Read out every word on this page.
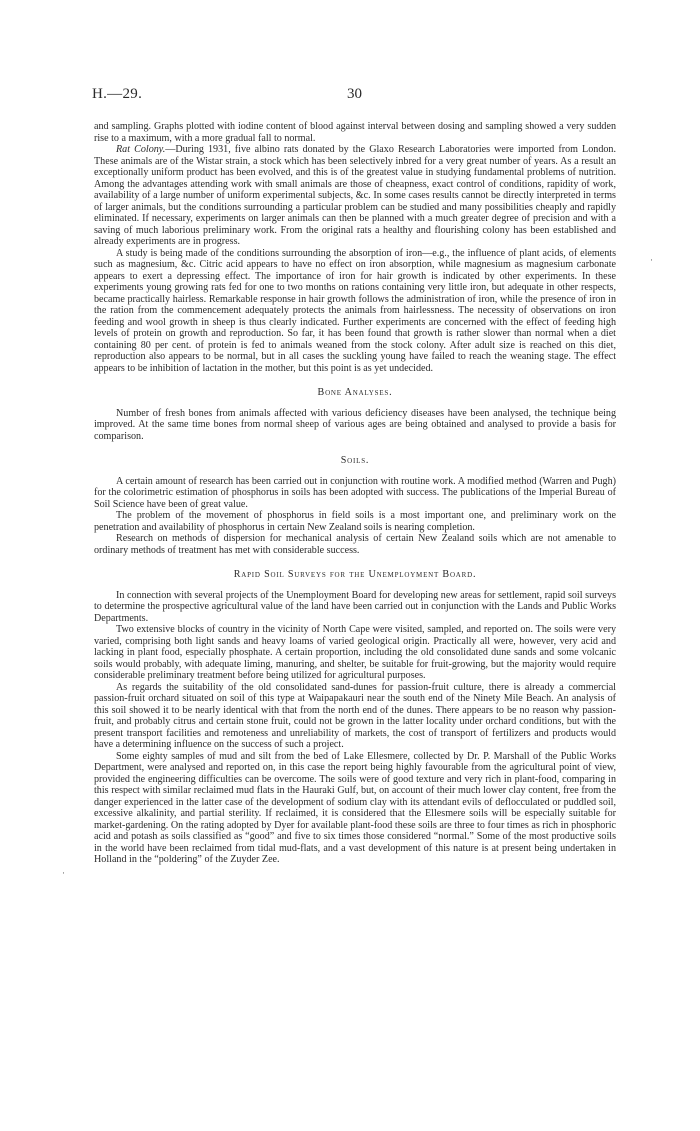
H.—29.	30

and sampling. Graphs plotted with iodine content of blood against interval between dosing and sampling showed a very sudden rise to a maximum, with a more gradual fall to normal.

Rat Colony.—During 1931, five albino rats donated by the Glaxo Research Laboratories were imported from London. These animals are of the Wistar strain, a stock which has been selectively inbred for a very great number of years. As a result an exceptionally uniform product has been evolved, and this is of the greatest value in studying fundamental problems of nutrition. Among the advantages attending work with small animals are those of cheapness, exact control of conditions, rapidity of work, availability of a large number of uniform experimental subjects, &c. In some cases results cannot be directly interpreted in terms of larger animals, but the conditions surrounding a particular problem can be studied and many possibilities cheaply and rapidly eliminated. If necessary, experiments on larger animals can then be planned with a much greater degree of precision and with a saving of much laborious preliminary work. From the original rats a healthy and flourishing colony has been established and already experiments are in progress.

A study is being made of the conditions surrounding the absorption of iron—e.g., the influence of plant acids, of elements such as magnesium, &c. Citric acid appears to have no effect on iron absorption, while magnesium as magnesium carbonate appears to exert a depressing effect. The importance of iron for hair growth is indicated by other experiments. In these experiments young growing rats fed for one to two months on rations containing very little iron, but adequate in other respects, became practically hairless. Remarkable response in hair growth follows the administration of iron, while the presence of iron in the ration from the commencement adequately protects the animals from hairlessness. The necessity of observations on iron feeding and wool growth in sheep is thus clearly indicated. Further experiments are concerned with the effect of feeding high levels of protein on growth and reproduction. So far, it has been found that growth is rather slower than normal when a diet containing 80 per cent. of protein is fed to animals weaned from the stock colony. After adult size is reached on this diet, reproduction also appears to be normal, but in all cases the suckling young have failed to reach the weaning stage. The effect appears to be inhibition of lactation in the mother, but this point is as yet undecided.

Bone Analyses.

Number of fresh bones from animals affected with various deficiency diseases have been analysed, the technique being improved. At the same time bones from normal sheep of various ages are being obtained and analysed to provide a basis for comparison.

Soils.

A certain amount of research has been carried out in conjunction with routine work. A modified method (Warren and Pugh) for the colorimetric estimation of phosphorus in soils has been adopted with success. The publications of the Imperial Bureau of Soil Science have been of great value.

The problem of the movement of phosphorus in field soils is a most important one, and preliminary work on the penetration and availability of phosphorus in certain New Zealand soils is nearing completion.

Research on methods of dispersion for mechanical analysis of certain New Zealand soils which are not amenable to ordinary methods of treatment has met with considerable success.

Rapid Soil Surveys for the Unemployment Board.

In connection with several projects of the Unemployment Board for developing new areas for settlement, rapid soil surveys to determine the prospective agricultural value of the land have been carried out in conjunction with the Lands and Public Works Departments.

Two extensive blocks of country in the vicinity of North Cape were visited, sampled, and reported on. The soils were very varied, comprising both light sands and heavy loams of varied geological origin. Practically all were, however, very acid and lacking in plant food, especially phosphate. A certain proportion, including the old consolidated dune sands and some volcanic soils would probably, with adequate liming, manuring, and shelter, be suitable for fruit-growing, but the majority would require considerable preliminary treatment before being utilized for agricultural purposes.

As regards the suitability of the old consolidated sand-dunes for passion-fruit culture, there is already a commercial passion-fruit orchard situated on soil of this type at Waipapakauri near the south end of the Ninety Mile Beach. An analysis of this soil showed it to be nearly identical with that from the north end of the dunes. There appears to be no reason why passion-fruit, and probably citrus and certain stone fruit, could not be grown in the latter locality under orchard conditions, but with the present transport facilities and remoteness and unreliability of markets, the cost of transport of fertilizers and products would have a determining influence on the success of such a project.

Some eighty samples of mud and silt from the bed of Lake Ellesmere, collected by Dr. P. Marshall of the Public Works Department, were analysed and reported on, in this case the report being highly favourable from the agricultural point of view, provided the engineering difficulties can be overcome. The soils were of good texture and very rich in plant-food, comparing in this respect with similar reclaimed mud flats in the Hauraki Gulf, but, on account of their much lower clay content, free from the danger experienced in the latter case of the development of sodium clay with its attendant evils of deflocculated or puddled soil, excessive alkalinity, and partial sterility. If reclaimed, it is considered that the Ellesmere soils will be especially suitable for market-gardening. On the rating adopted by Dyer for available plant-food these soils are three to four times as rich in phosphoric acid and potash as soils classified as “good” and five to six times those considered “normal.” Some of the most productive soils in the world have been reclaimed from tidal mud-flats, and a vast development of this nature is at present being undertaken in Holland in the “poldering” of the Zuyder Zee.

·
·
